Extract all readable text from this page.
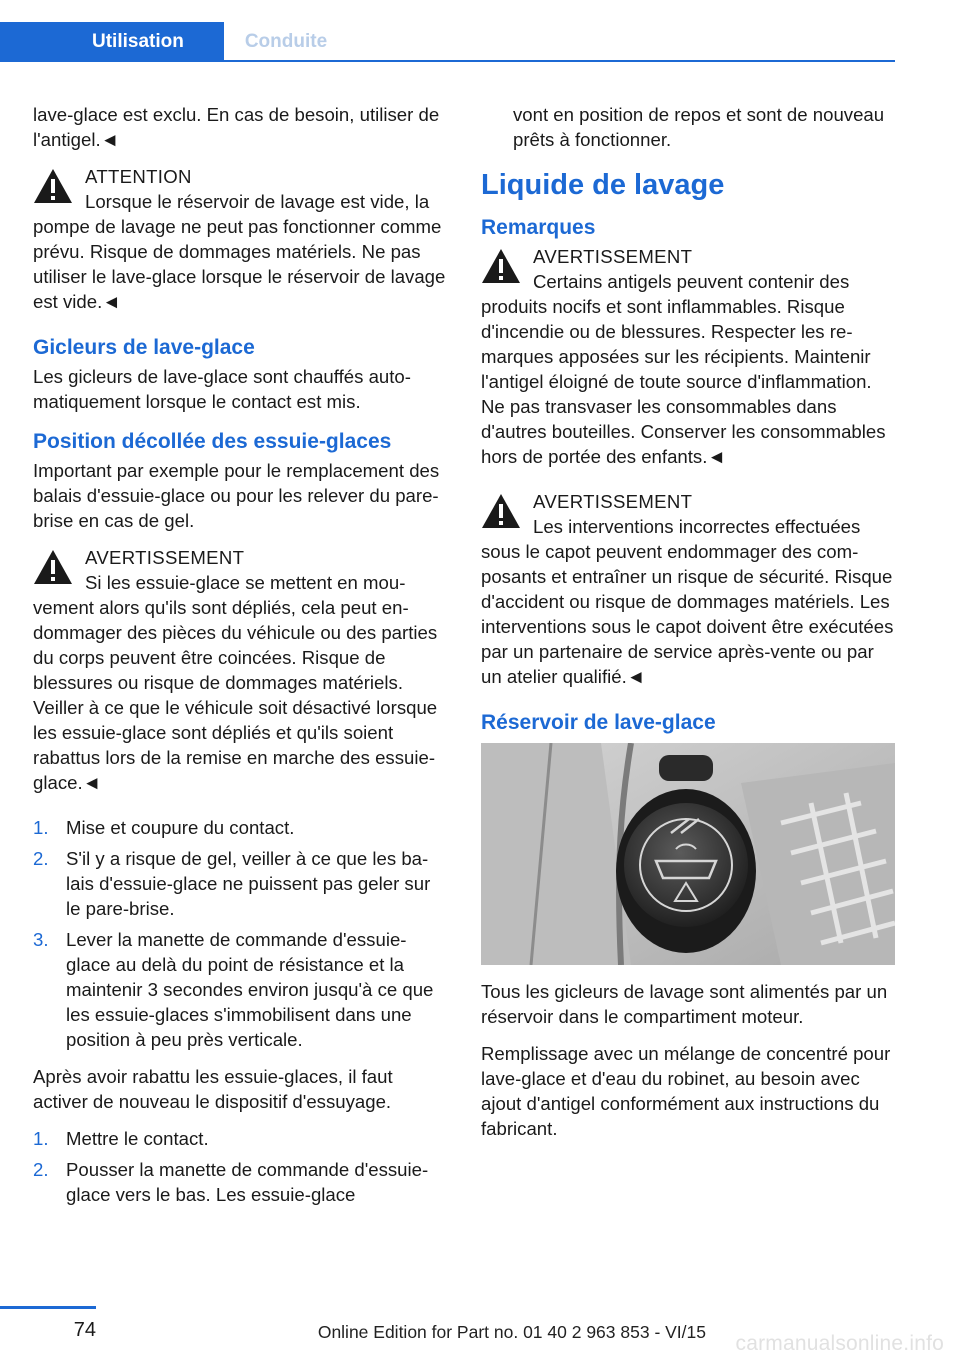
Utilisation	Conduite

lave-glace est exclu. En cas de besoin, utiliser de l'antigel.◄

ATTENTION
Lorsque le réservoir de lavage est vide, la pompe de lavage ne peut pas fonctionner comme prévu. Risque de dommages matériels. Ne pas utiliser le lave-glace lorsque le réservoir de lavage est vide.◄
Gicleurs de lave-glace

Les gicleurs de lave-glace sont chauffés automatiquement lorsque le contact est mis.

Position décollée des essuie-glaces

Important par exemple pour le remplacement des balais d'essuie-glace ou pour les relever du pare-brise en cas de gel.

AVERTISSEMENT
Si les essuie-glace se mettent en mouvement alors qu'ils sont dépliés, cela peut endommager des pièces du véhicule ou des parties du corps peuvent être coincées. Risque de blessures ou risque de dommages matériels. Veiller à ce que le véhicule soit désactivé lorsque les essuie-glace sont dépliés et qu'ils soient rabattus lors de la remise en marche des essuie-glace.◄
1. Mise et coupure du contact.
2. S'il y a risque de gel, veiller à ce que les balais d'essuie-glace ne puissent pas geler sur le pare-brise.
3. Lever la manette de commande d'essuie-glace au delà du point de résistance et la maintenir 3 secondes environ jusqu'à ce que les essuie-glaces s'immobilisent dans une position à peu près verticale.

Après avoir rabattu les essuie-glaces, il faut activer de nouveau le dispositif d'essuyage.

1. Mettre le contact.
2. Pousser la manette de commande d'essuie-glace vers le bas. Les essuie-glace

vont en position de repos et sont de nouveau prêts à fonctionner.

Liquide de lavage
Remarques
AVERTISSEMENT
Certains antigels peuvent contenir des produits nocifs et sont inflammables. Risque d'incendie ou de blessures. Respecter les remarques apposées sur les récipients. Maintenir l'antigel éloigné de toute source d'inflammation. Ne pas transvaser les consommables dans d'autres bouteilles. Conserver les consommables hors de portée des enfants.◄
AVERTISSEMENT
Les interventions incorrectes effectuées sous le capot peuvent endommager des composants et entraîner un risque de sécurité. Risque d'accident ou risque de dommages matériels. Les interventions sous le capot doivent être exécutées par un partenaire de service après-vente ou par un atelier qualifié.◄
Réservoir de lave-glace

Tous les gicleurs de lavage sont alimentés par un réservoir dans le compartiment moteur.

Remplissage avec un mélange de concentré pour lave-glace et d'eau du robinet, au besoin avec ajout d'antigel conformément aux instructions du fabricant.

74	Online Edition for Part no. 01 40 2 963 853 - VI/15 carmanualsonline.info
